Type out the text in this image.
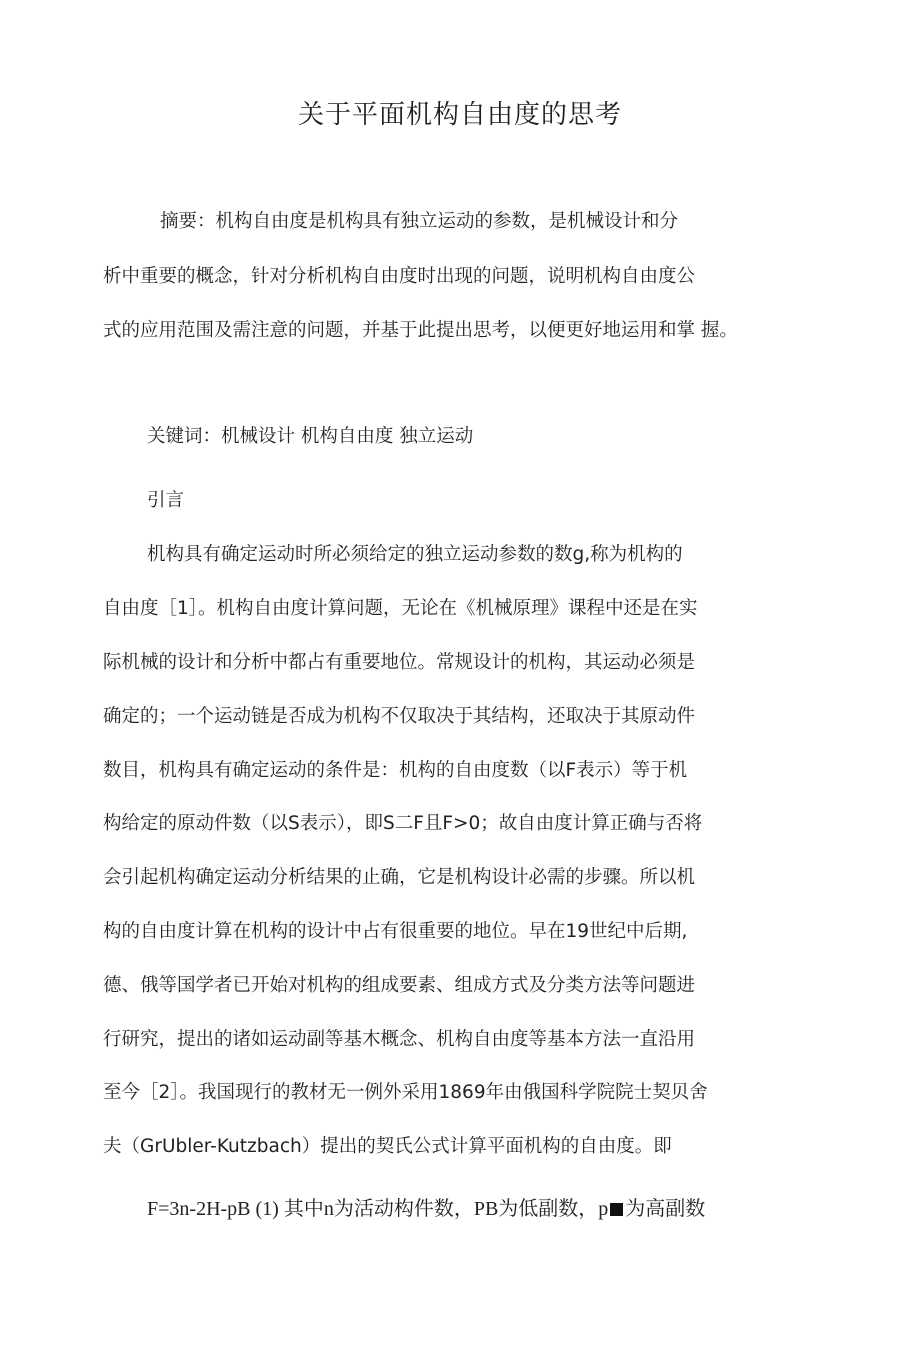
关于平面机构自由度的思考
摘要：机构自由度是机构具有独立运动的参数，是机械设计和分
析中重要的概念，针对分析机构自由度时出现的问题，说明机构自由度公
式的应用范围及需注意的问题，并基于此提出思考，以便更好地运用和掌 握。
关键词：机械设计 机构自由度 独立运动
引言
机构具有确定运动时所必须给定的独立运动参数的数g,称为机构的
自由度［1］。机构自由度计算问题，无论在《机械原理》课程中还是在实
际机械的设计和分析中都占有重要地位。常规设计的机构，其运动必须是
确定的；一个运动链是否成为机构不仅取决于其结构，还取决于其原动件
数目，机构具有确定运动的条件是：机构的自由度数（以F表示）等于机
构给定的原动件数（以S表示），即S二F且F>0；故自由度计算正确与否将
会引起机构确定运动分析结果的止确，它是机构设计必需的步骤。所以机
构的自由度计算在机构的设计中占有很重要的地位。早在19世纪中后期,
德、俄等国学者已开始对机构的组成要素、组成方式及分类方法等问题进
行研究，提出的诸如运动副等基木概念、机构自由度等基本方法一直沿用
至今［2］。我国现行的教材无一例外采用1869年由俄国科学院院士契贝舍
夫（GrUbler-Kutzbach）提出的契氏公式计算平面机构的自由度。即
F=3n-2H-pB (1) 其中n为活动构件数，PB为低副数，p 为高副数
